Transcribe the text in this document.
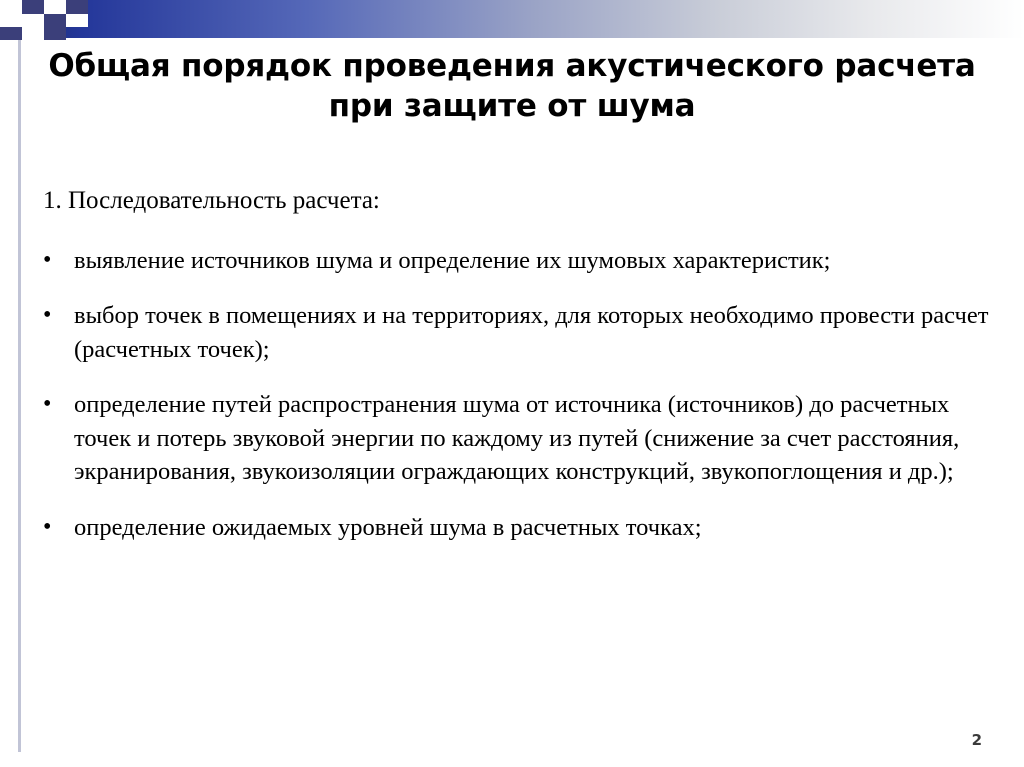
Общая порядок проведения акустического расчета при защите от шума

1. Последовательность расчета:

• выявление источников шума и определение их шумовых характеристик;

• выбор точек в помещениях и на территориях, для которых необходимо провести расчет (расчетных точек);

• определение путей распространения шума от источника (источников) до расчетных точек и потерь звуковой энергии по каждому из путей (снижение за счет расстояния, экранирования, звукоизоляции ограждающих конструкций, звукопоглощения и др.);

• определение ожидаемых уровней шума в расчетных точках;

2
